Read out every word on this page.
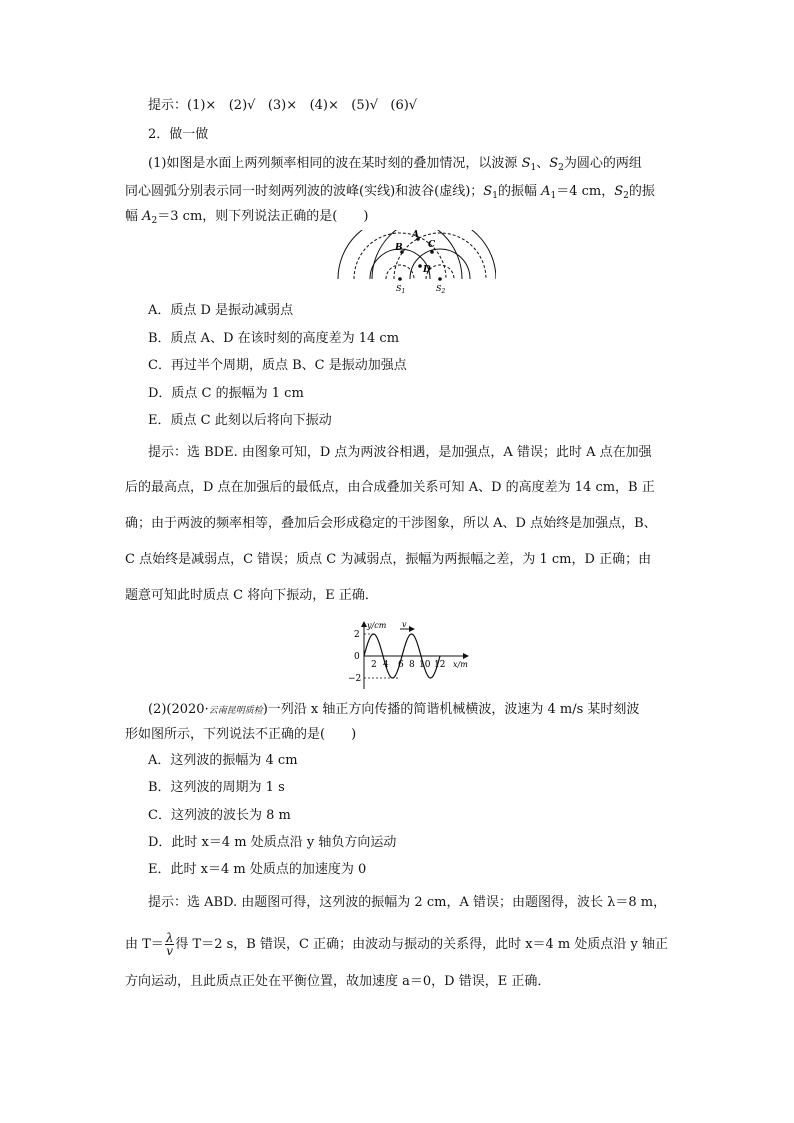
提示：(1)× (2)√ (3)× (4)× (5)√ (6)√
2．做一做
(1)如图是水面上两列频率相同的波在某时刻的叠加情况，以波源 $S_1$、$S_2$为圆心的两组
同心圆弧分别表示同一时刻两列波的波峰(实线)和波谷(虚线)；$S_1$的振幅 $A_1=4$ cm，$S_2$的振
幅 $A_2=3$ cm，则下列说法正确的是(　　)
A
B	C
D
$S_1$	$S_2$
A．质点 D 是振动减弱点
B．质点 A、D 在该时刻的高度差为 14 cm
C．再过半个周期，质点 B、C 是振动加强点
D．质点 C 的振幅为 1 cm
E．质点 C 此刻以后将向下振动
提示：选 BDE. 由图象可知，D 点为两波谷相遇，是加强点，A 错误；此时 A 点在加强
后的最高点，D 点在加强后的最低点，由合成叠加关系可知 A、D 的高度差为 14 cm，B 正
确；由于两波的频率相等，叠加后会形成稳定的干涉图象，所以 A、D 点始终是加强点，B、
C 点始终是减弱点，C 错误；质点 C 为减弱点，振幅为两振幅之差，为 1 cm，D 正确；由
题意可知此时质点 C 将向下振动，E 正确．
v
y/cm
x/m
2
0
−2
2 4 6 8 10 12
(2)(2020·云南昆明质检)一列沿 x 轴正方向传播的简谐机械横波，波速为 4 m/s 某时刻波
形如图所示，下列说法不正确的是(　　)
A．这列波的振幅为 4 cm
B．这列波的周期为 1 s
C．这列波的波长为 8 m
D．此时 x＝4 m 处质点沿 y 轴负方向运动
E．此时 x＝4 m 处质点的加速度为 0
提示：选 ABD. 由题图可得，这列波的振幅为 2 cm，A 错误；由题图得，波长 λ＝8 m，
由 $T= \frac{\lambda}{v}$ 得 T＝2 s，B 错误，C 正确；由波动与振动的关系得，此时 x＝4 m 处质点沿 y 轴正
方向运动，且此质点正处在平衡位置，故加速度 a＝0，D 错误，E 正确．
